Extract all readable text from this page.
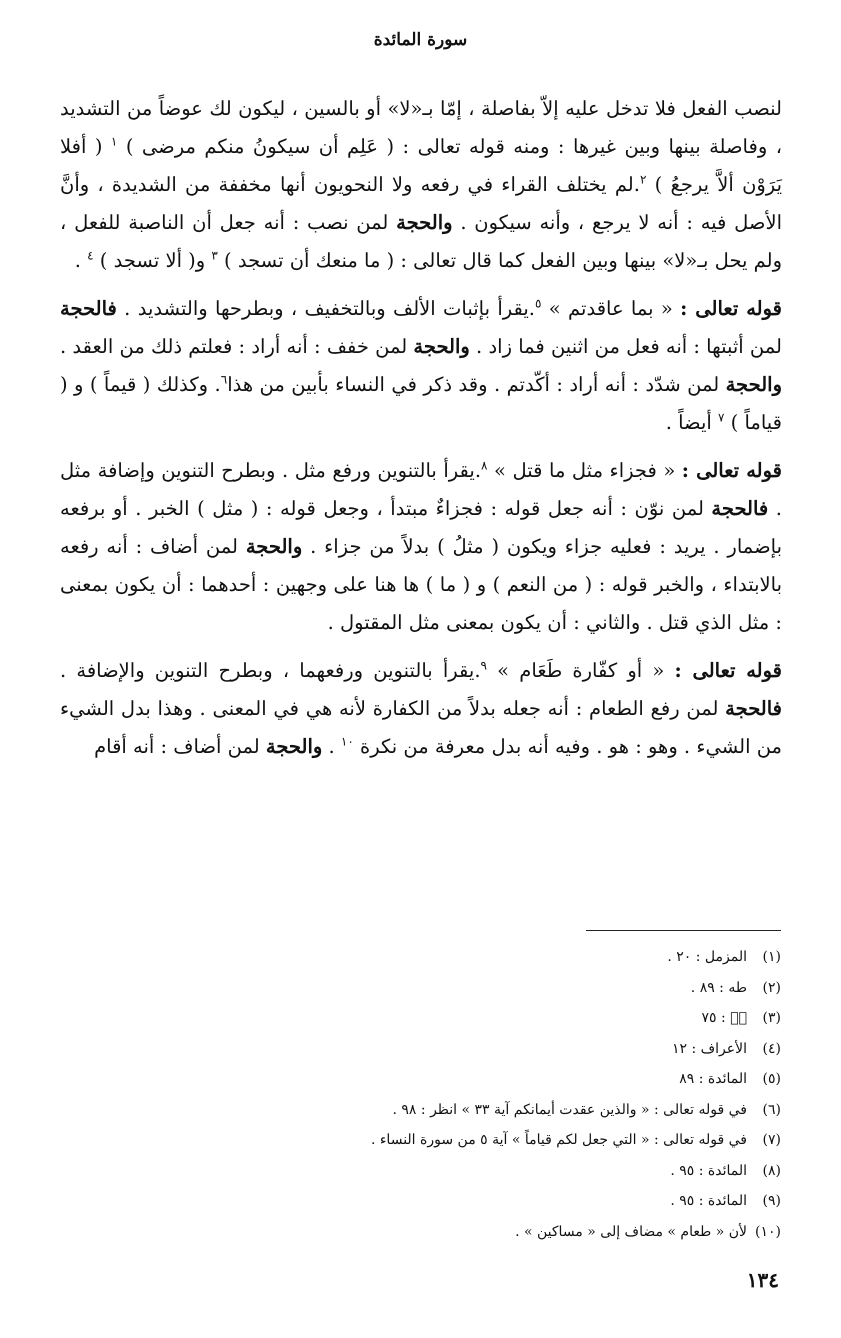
سورة المائدة

لنصب الفعل فلا تدخل عليه إلاّ بفاصلة ، إمّا بـ«لا» أو بالسين ، ليكون لك عوضاً من التشديد ، وفاصلة بينها وبين غيرها : ومنه قوله تعالى : ( عَلِم أن سيكونُ منكم مرضى ) $^١$ ( أفلا يَرَوْن ألاَّ يرجعُ ) $^٢$.لم يختلف القراء في رفعه ولا النحويون أنها مخففة من الشديدة ، وأنَّ الأصل فيه : أنه لا يرجع ، وأنه سيكون . والحجة لمن نصب : أنه جعل أن الناصبة للفعل ، ولم يحل بـ«لا» بينها وبين الفعل كما قال تعالى : ( ما منعك أن تسجد ) $^٣$ و( ألا تسجد ) $^٤$ .

قوله تعالى : « بما عاقدتم » $^٥$.يقرأ بإثبات الألف وبالتخفيف ، وبطرحها والتشديد . فالحجة لمن أثبتها : أنه فعل من اثنين فما زاد . والحجة لمن خفف : أنه أراد : فعلتم ذلك من العقد . والحجة لمن شدّد : أنه أراد : أكّدتم . وقد ذكر في النساء بأبين من هذا$^٦$. وكذلك ( قيماً ) و ( قياماً ) $^٧$ أيضاً .

قوله تعالى : « فجزاء مثل ما قتل » $^٨$.يقرأ بالتنوين ورفع مثل . وبطرح التنوين وإضافة مثل . فالحجة لمن نوّن : أنه جعل قوله : فجزاءٌ مبتدأ ، وجعل قوله : ( مثل ) الخبر . أو برفعه بإضمار . يريد : فعليه جزاء ويكون ( مثلُ ) بدلاً من جزاء . والحجة لمن أضاف : أنه رفعه بالابتداء ، والخبر قوله : ( من النعم ) و ( ما ) ها هنا على وجهين : أحدهما : أن يكون بمعنى : مثل الذي قتل . والثاني : أن يكون بمعنى مثل المقتول .

قوله تعالى : « أو كفّارة طَعَام » $^٩$.يقرأ بالتنوين ورفعهما ، وبطرح التنوين والإضافة . فالحجة لمن رفع الطعام : أنه جعله بدلاً من الكفارة لأنه هي في المعنى . وهذا بدل الشيء من الشيء . وهو : هو . وفيه أنه بدل معرفة من نكرة $^{١٠}$ . والحجة لمن أضاف : أنه أقام

(١)المزمل : ٢٠ .
(٢)طه : ٨٩ .
(٣)صۤ : ٧٥
(٤)الأعراف : ١٢
(٥)المائدة : ٨٩
(٦)في قوله تعالى : « والذين عقدت أيمانكم آية ٣٣ » انظر : ٩٨ .
(٧)في قوله تعالى : « التي جعل لكم قياماً » آية ٥ من سورة النساء .
(٨)المائدة : ٩٥ .
(٩)المائدة : ٩٥ .
(١٠)لأن « طعام » مضاف إلى « مساكين » .
١٣٤
